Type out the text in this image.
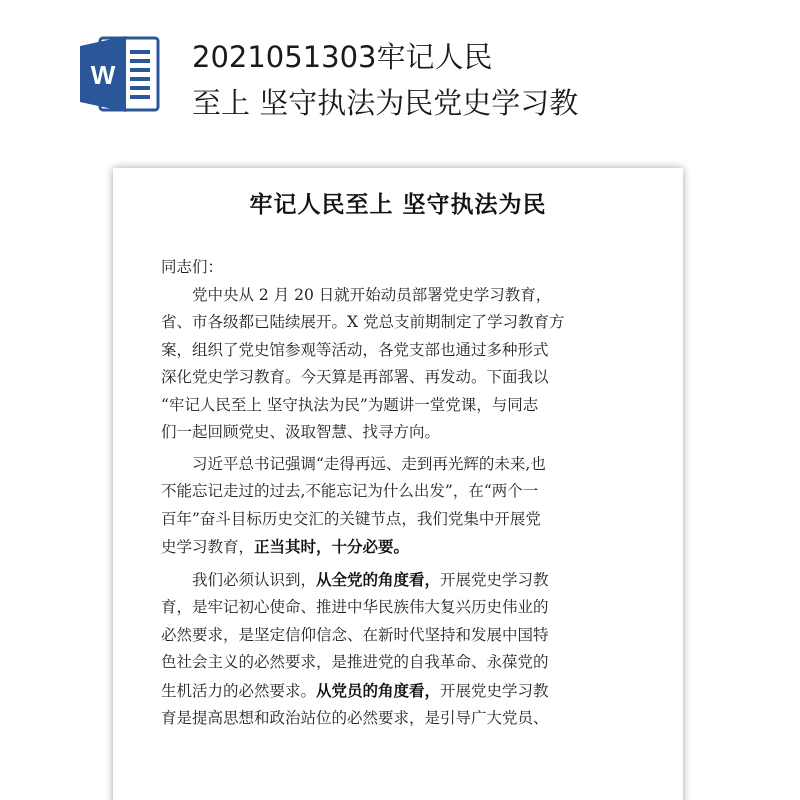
W
2021051303牢记人民
至上 坚守执法为民党史学习教
牢记人民至上 坚守执法为民

同志们：

党中央从 2 月 20 日就开始动员部署党史学习教育，

省、市各级都已陆续展开。X 党总支前期制定了学习教育方

案，组织了党史馆参观等活动，各党支部也通过多种形式

深化党史学习教育。今天算是再部署、再发动。下面我以

“牢记人民至上 坚守执法为民”为题讲一堂党课，与同志

们一起回顾党史、汲取智慧、找寻方向。

习近平总书记强调“走得再远、走到再光辉的未来,也

不能忘记走过的过去,不能忘记为什么出发”，在“两个一

百年”奋斗目标历史交汇的关键节点，我们党集中开展党

史学习教育，正当其时，十分必要。

我们必须认识到，从全党的角度看，开展党史学习教

育，是牢记初心使命、推进中华民族伟大复兴历史伟业的

必然要求，是坚定信仰信念、在新时代坚持和发展中国特

色社会主义的必然要求，是推进党的自我革命、永葆党的

生机活力的必然要求。从党员的角度看，开展党史学习教

育是提高思想和政治站位的必然要求，是引导广大党员、
